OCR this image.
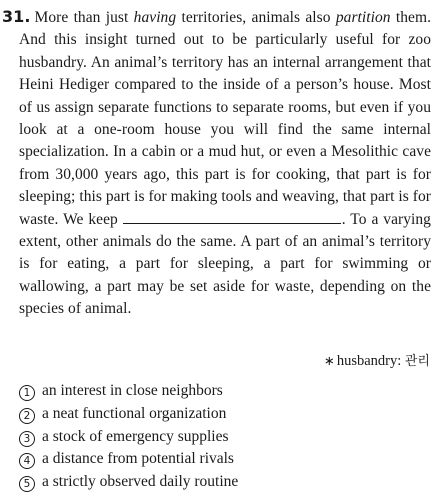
31. More than just having territories, animals also partition them. And this insight turned out to be particularly useful for zoo husbandry. An animal’s territory has an internal arrangement that Heini Hediger compared to the inside of a person’s house. Most of us assign separate functions to separate rooms, but even if you look at a one-room house you will find the same internal specialization. In a cabin or a mud hut, or even a Mesolithic cave from 30,000 years ago, this part is for cooking, that part is for sleeping; this part is for making tools and weaving, that part is for waste. We keep	. To a varying extent, other animals do the same. A part of an animal’s territory is for eating, a part for sleeping, a part for swimming or wallowing, a part may be set aside for waste, depending on the species of animal.
∗ husbandry: 관리
1 an interest in close neighbors
2 a neat functional organization
3 a stock of emergency supplies
4 a distance from potential rivals
5 a strictly observed daily routine
